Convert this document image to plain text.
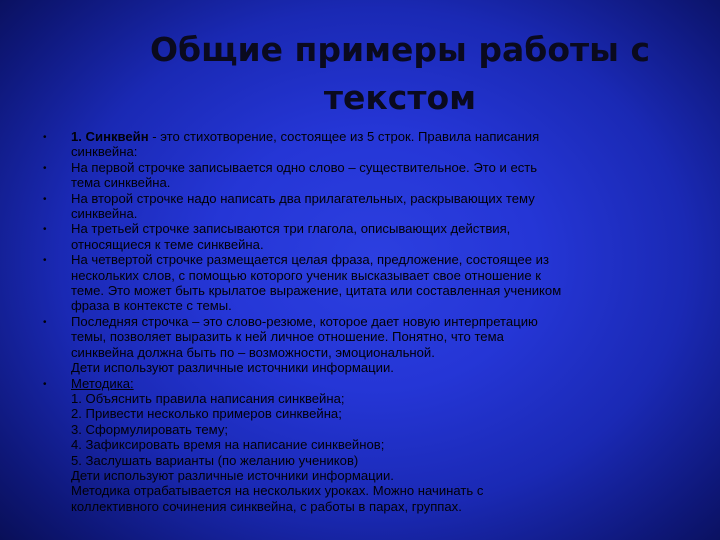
Общие примеры работы с текстом
• 1. Синквейн - это стихотворение, состоящее из 5 строк. Правила написания
синквейна:
• На первой строчке записывается одно слово – существительное. Это и есть
тема синквейна.
• На второй строчке надо написать два прилагательных, раскрывающих тему
синквейна.
• На третьей строчке записываются три глагола, описывающих действия,
относящиеся к теме синквейна.
• На четвертой строчке размещается целая фраза, предложение, состоящее из
нескольких слов, с помощью которого ученик высказывает свое отношение к
теме. Это может быть крылатое выражение, цитата или составленная учеником
фраза в контексте с темы.
• Последняя строчка – это слово-резюме, которое дает новую интерпретацию
темы, позволяет выразить к ней личное отношение. Понятно, что тема
синквейна должна быть по – возможности, эмоциональной.
Дети используют различные источники информации.
• Методика:
1. Объяснить правила написания синквейна;
2. Привести несколько примеров синквейна;
3. Сформулировать тему;
4. Зафиксировать время на написание синквейнов;
5. Заслушать варианты (по желанию учеников)
Дети используют различные источники информации.
Методика отрабатывается на нескольких уроках. Можно начинать с
коллективного сочинения синквейна, с работы в парах, группах.
